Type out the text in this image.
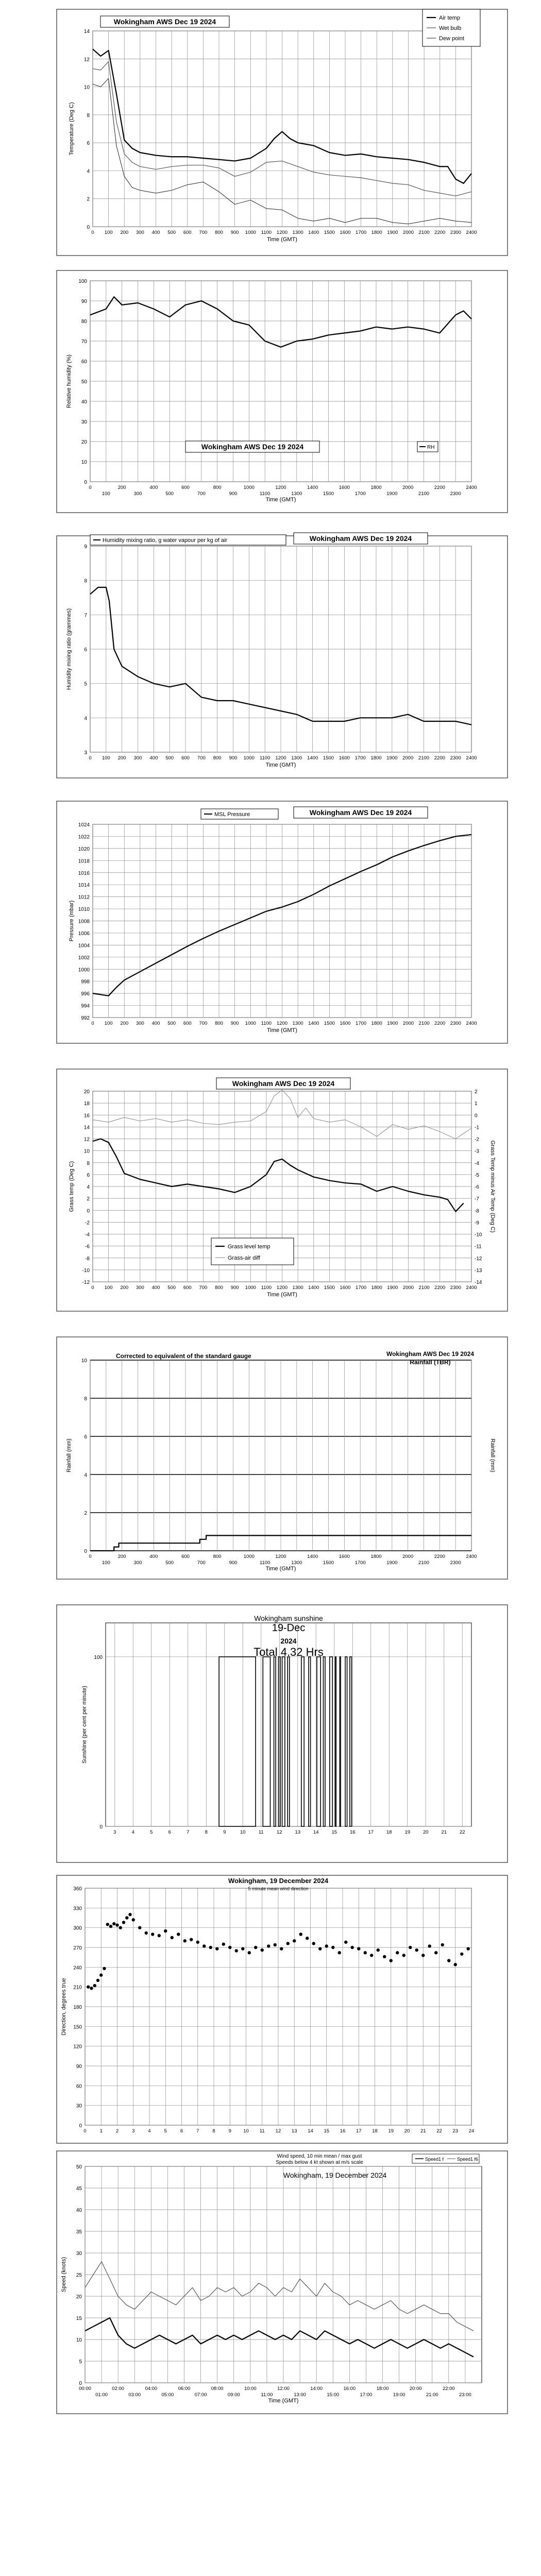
0
2
4
6
8
10
12
14
0 100 200 300 400 500 600 700 800 900 1000 1100 1200 1300 1400 1500 1600 1700 1800 1900 2000 2100 2200 2300 2400
Time (GMT)
Temperature (Deg C)
Wokingham AWS Dec 19 2024	Air temp
Wet bulb
Dew point
0
10
20
30
40
50
60
70
80
90
100
0	200	400	600	800	1000	1200	1400	1600	1800	2000	2200	2400
100	300	500	700	900	1100	1300	1500	1700	1900	2100	2300
Time (GMT)
Relative humidity (%)
Wokingham AWS Dec 19 2024	RH
3
4
5
6
7
8
9
0 100 200 300 400 500 600 700 800 900 1000 1100 1200 1300 1400 1500 1600 1700 1800 1900 2000 2100 2200 2300 2400
Time (GMT)
Humidity mixing ratio (grammes)
Wokingham AWS Dec 19 2024
Humidity mixing ratio, g water vapour per kg of air
992
994
996
998
1000
1002
1004
1006
1008
1010
1012
1014
1016
1018
1020
1022
1024
0 100 200 300 400 500 600 700 800 900 1000 1100 1200 1300 1400 1500 1600 1700 1800 1900 2000 2100 2200 2300 2400
Time (GMT)
Pressure (mbar)
Wokingham AWS Dec 19 2024
MSL Pressure
-12
-10
-8
-6
-4
-2
0
2
4
6
8
10
12
14
16
18
20
-14
-13
-12
-11
-10
-9
-8
-7
-6
-5
-4
-3
-2
-1
0
1
2
0 100 200 300 400 500 600 700 800 900 1000 1100 1200 1300 1400 1500 1600 1700 1800 1900 2000 2100 2200 2300 2400
Time (GMT)
Grass temp (Deg C)	Grass Temp minus Air Temp (Deg C)
Wokingham AWS Dec 19 2024
Grass level temp
Grass-air diff
0
2
4
6
8
10
0	200	400	600	800	1000	1200	1400	1600	1800	2000	2200	2400
100	300	500	700	900	1100	1300	1500	1700	1900	2100	2300
Time (GMT)
Rainfall (mm)	Rainfall (mm)
Corrected to equivalent of the standard gauge	Wokingham AWS Dec 19 2024
Rainfall (TBR)
0
100
3	4	5	6	7	8	9	10	11	12	13	14	15	16	17	18	19	20	21	22
Sunshine (per cent per minute)
Wokingham sunshine
19-Dec
2024
Total 4.32 Hrs
0
30
60
90
120
150
180
210
240
270
300
330
360
0	1	2	3	4	5	6	7	8	9 10 11 12 13 14 15 16 17 18 19 20 21 22 23 24
Direction, degrees true
Wokingham, 19 December 2024
5 minute mean wind direction
0
5
10
15
20
25
30
35
40
45
50
00:00	02:00	04:00	06:00	08:00	10:00	12:00	14:00	16:00	18:00	20:00	22:00
01:00	03:00	05:00	07:00	09:00	11:00	13:00	15:00	17:00	19:00	21:00	23:00
Time (GMT)
Speed (knots)
Wind speed, 10 min mean / max gust
Speeds below 4 kt shown at m/s scale
Wokingham, 19 December 2024
Speed1 f	Speed1 f6
